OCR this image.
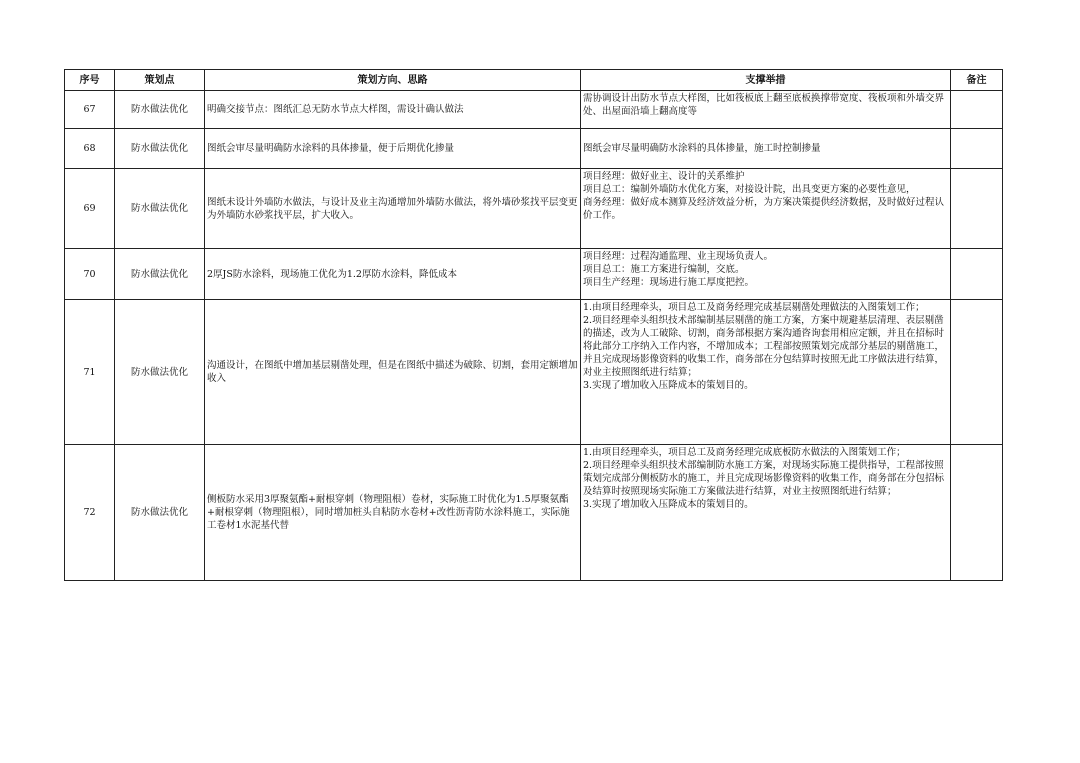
序号	策划点	策划方向、思路	支撑举措	备注
67	防水做法优化	明确交接节点：图纸汇总无防水节点大样图，需设计确认做法	需协调设计出防水节点大样图，比如筏板底上翻至底板换撑带宽度、筏板项和外墙交界处、出屋面沿墙上翻高度等	
68	防水做法优化	图纸会审尽量明确防水涂料的具体掺量，便于后期优化掺量	图纸会审尽量明确防水涂料的具体掺量，施工时控制掺量	
69	防水做法优化	图纸未设计外墙防水做法，与设计及业主沟通增加外墙防水做法，将外墙砂浆找平层变更为外墙防水砂浆找平层，扩大收入。	项目经理：做好业主、设计的关系维护
项目总工：编制外墙防水优化方案，对接设计院，出具变更方案的必要性意见，
商务经理：做好成本测算及经济效益分析，为方案决策提供经济数据，及时做好过程认价工作。	
70	防水做法优化	2厚JS防水涂料，现场施工优化为1.2厚防水涂料，降低成本	项目经理：过程沟通监理、业主现场负责人。
项目总工：施工方案进行编制，交底。
项目生产经理：现场进行施工厚度把控。	
71	防水做法优化	沟通设计，在图纸中增加基层剔凿处理，但是在图纸中描述为破除、切割，套用定额增加收入	1.由项目经理牵头，项目总工及商务经理完成基层剔凿处理做法的入图策划工作；
2.项目经理牵头组织技术部编制基层剔凿的施工方案，方案中规避基层清理、表层剔凿的描述，改为人工破除、切割，商务部根据方案沟通咨询套用相应定额，并且在招标时将此部分工序纳入工作内容，不增加成本；工程部按照策划完成部分基层的剔凿施工，并且完成现场影像资料的收集工作，商务部在分包结算时按照无此工序做法进行结算，对业主按照图纸进行结算；
3.实现了增加收入压降成本的策划目的。	
72	防水做法优化	侧板防水采用3厚聚氨酯+耐根穿刺（物理阻根）卷材，实际施工时优化为1.5厚聚氨酯+耐根穿刺（物理阻根），同时增加桩头自粘防水卷材+改性沥青防水涂料施工，实际施工卷材1水泥基代替	1.由项目经理牵头，项目总工及商务经理完成底板防水做法的入图策划工作；
2.项目经理牵头组织技术部编制防水施工方案，对现场实际施工提供指导，工程部按照策划完成部分侧板防水的施工，并且完成现场影像资料的收集工作，商务部在分包招标及结算时按照现场实际施工方案做法进行结算，对业主按照图纸进行结算；
3.实现了增加收入压降成本的策划目的。	
